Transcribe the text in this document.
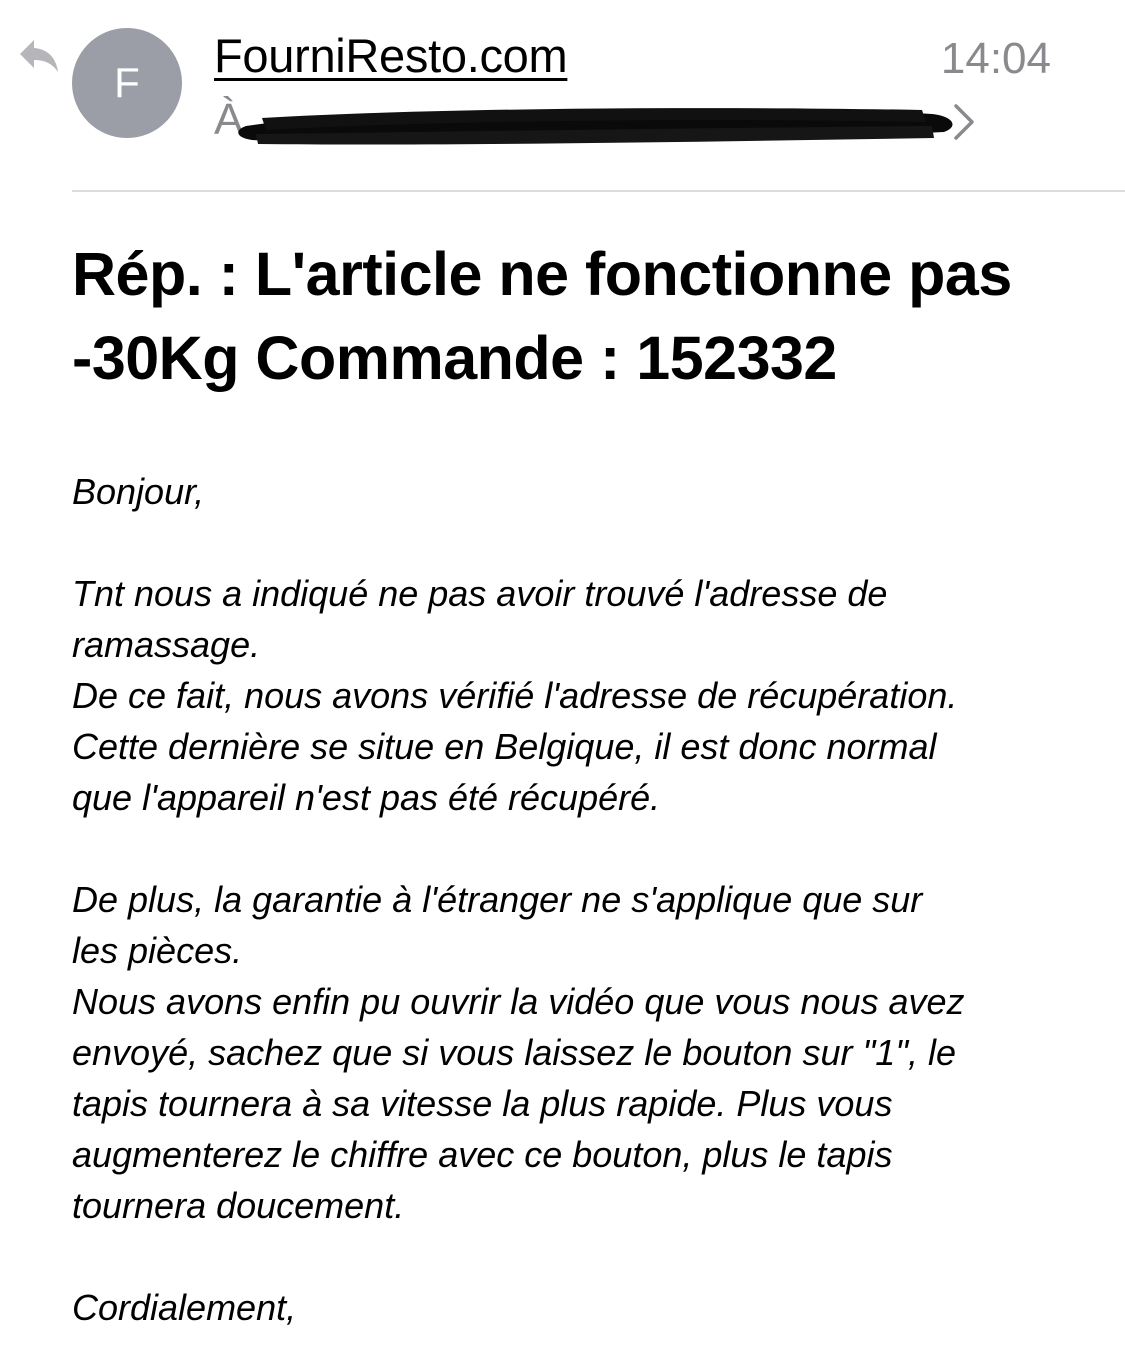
F
FourniResto.com	14:04
À
Rép. : L'article ne fonctionne pas -30Kg Commande : 152332

Bonjour,

Tnt nous a indiqué ne pas avoir trouvé l'adresse de

ramassage.

De ce fait, nous avons vérifié l'adresse de récupération.

Cette dernière se situe en Belgique, il est donc normal

que l'appareil n'est pas été récupéré.

De plus, la garantie à l'étranger ne s'applique que sur

les pièces.

Nous avons enfin pu ouvrir la vidéo que vous nous avez

envoyé, sachez que si vous laissez le bouton sur "1", le

tapis tournera à sa vitesse la plus rapide. Plus vous

augmenterez le chiffre avec ce bouton, plus le tapis

tournera doucement.

Cordialement,
